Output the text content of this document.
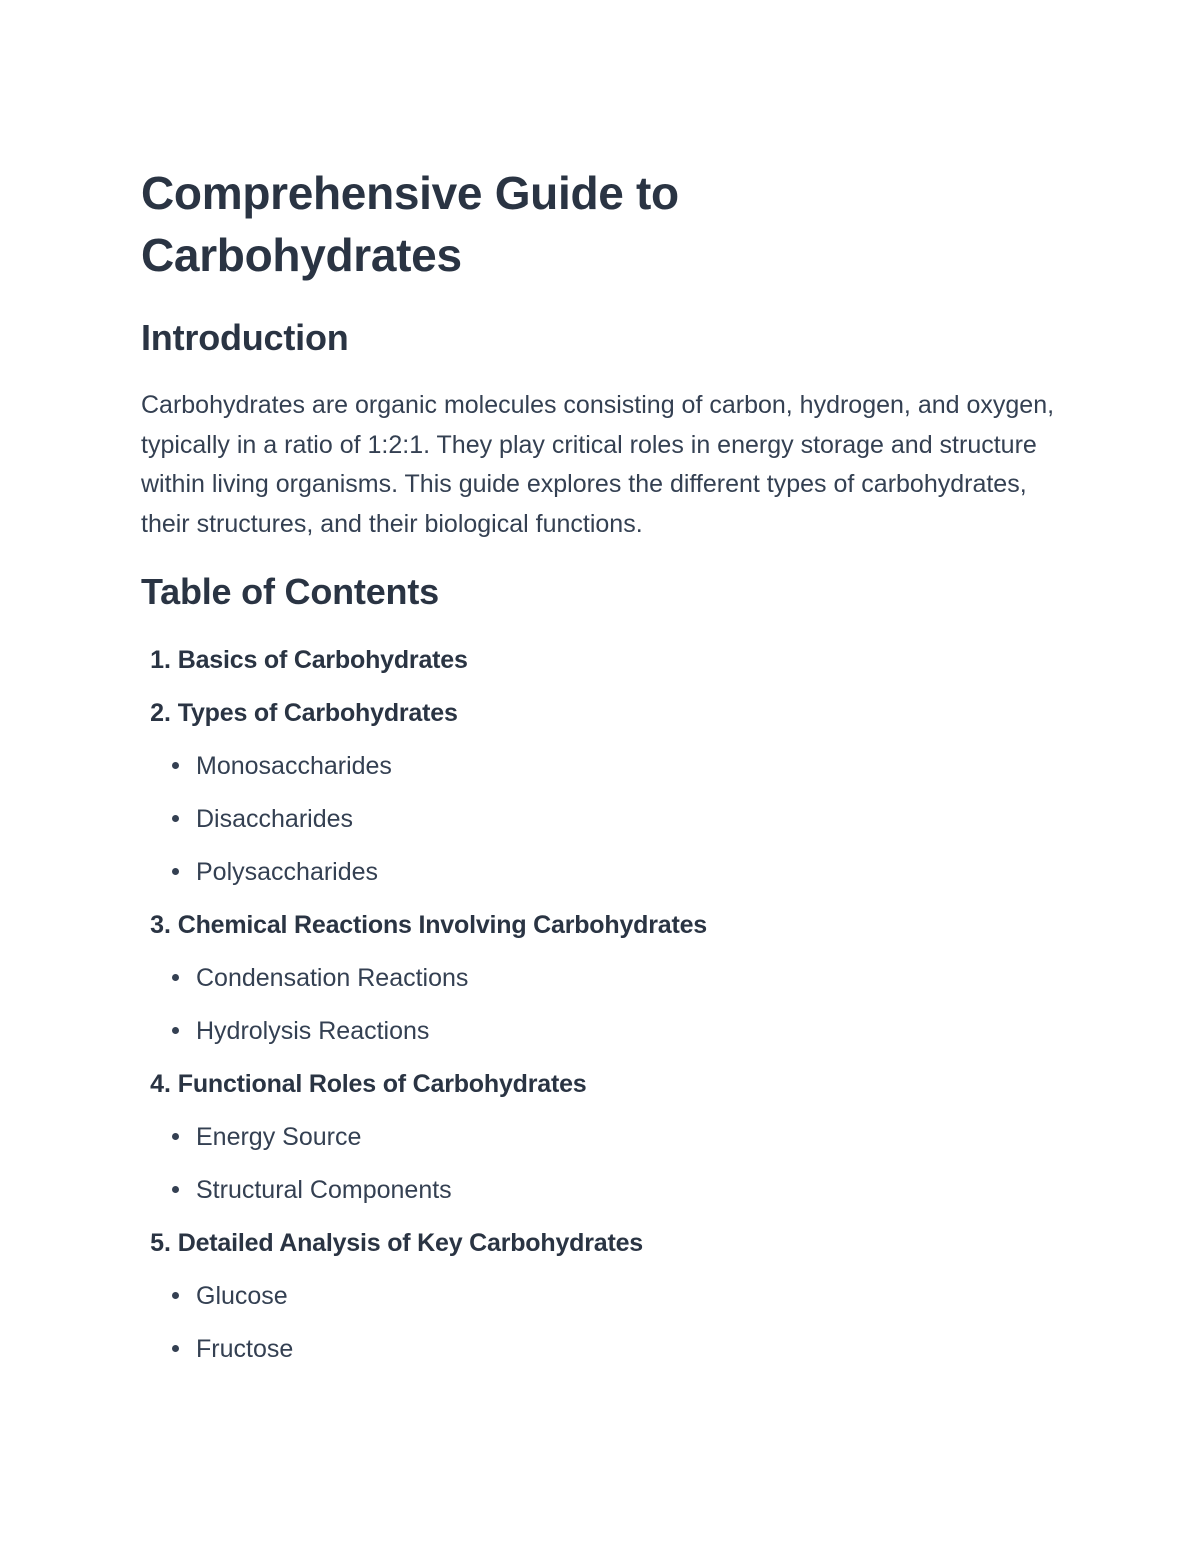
Comprehensive Guide to Carbohydrates
Introduction

Carbohydrates are organic molecules consisting of carbon, hydrogen, and oxygen, typically in a ratio of 1:2:1. They play critical roles in energy storage and structure within living organisms. This guide explores the different types of carbohydrates, their structures, and their biological functions.

Table of Contents
1. Basics of Carbohydrates
2. Types of Carbohydrates
Monosaccharides
Disaccharides
Polysaccharides
3. Chemical Reactions Involving Carbohydrates
Condensation Reactions
Hydrolysis Reactions
4. Functional Roles of Carbohydrates
Energy Source
Structural Components
5. Detailed Analysis of Key Carbohydrates
Glucose
Fructose
